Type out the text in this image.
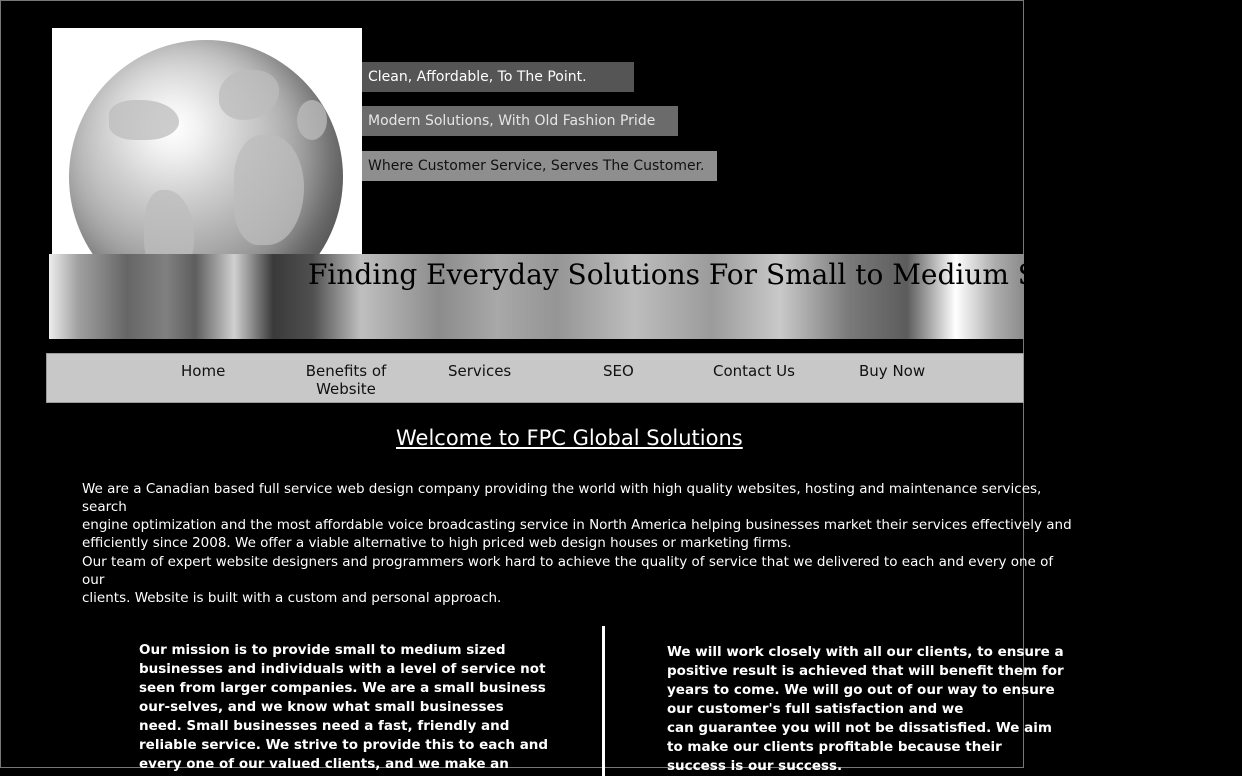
Clean, Affordable, To The Point.
Modern Solutions, With Old Fashion Pride
Where Customer Service, Serves The Customer.
Finding Everyday Solutions For Small to Medium Size Businesses
Home	Benefits of
Website
Services	SEO	Contact Us	Buy Now
Welcome to FPC Global Solutions
We are a Canadian based full service web design company providing the world with high quality websites, hosting and maintenance services, search
engine optimization and the most affordable voice broadcasting service in North America helping businesses market their services effectively and
efficiently since 2008. We offer a viable alternative to high priced web design houses or marketing firms.
Our team of expert website designers and programmers work hard to achieve the quality of service that we delivered to each and every one of our
clients. Website is built with a custom and personal approach.
Our mission is to provide small to medium sized
businesses and individuals with a level of service not
seen from larger companies. We are a small business
our-selves, and we know what small businesses
need. Small businesses need a fast, friendly and
reliable service. We strive to provide this to each and
every one of our valued clients, and we make an
We will work closely with all our clients, to ensure a
positive result is achieved that will benefit them for
years to come. We will go out of our way to ensure
our customer's full satisfaction and we
can guarantee you will not be dissatisfied. We aim
to make our clients profitable because their
success is our success.
